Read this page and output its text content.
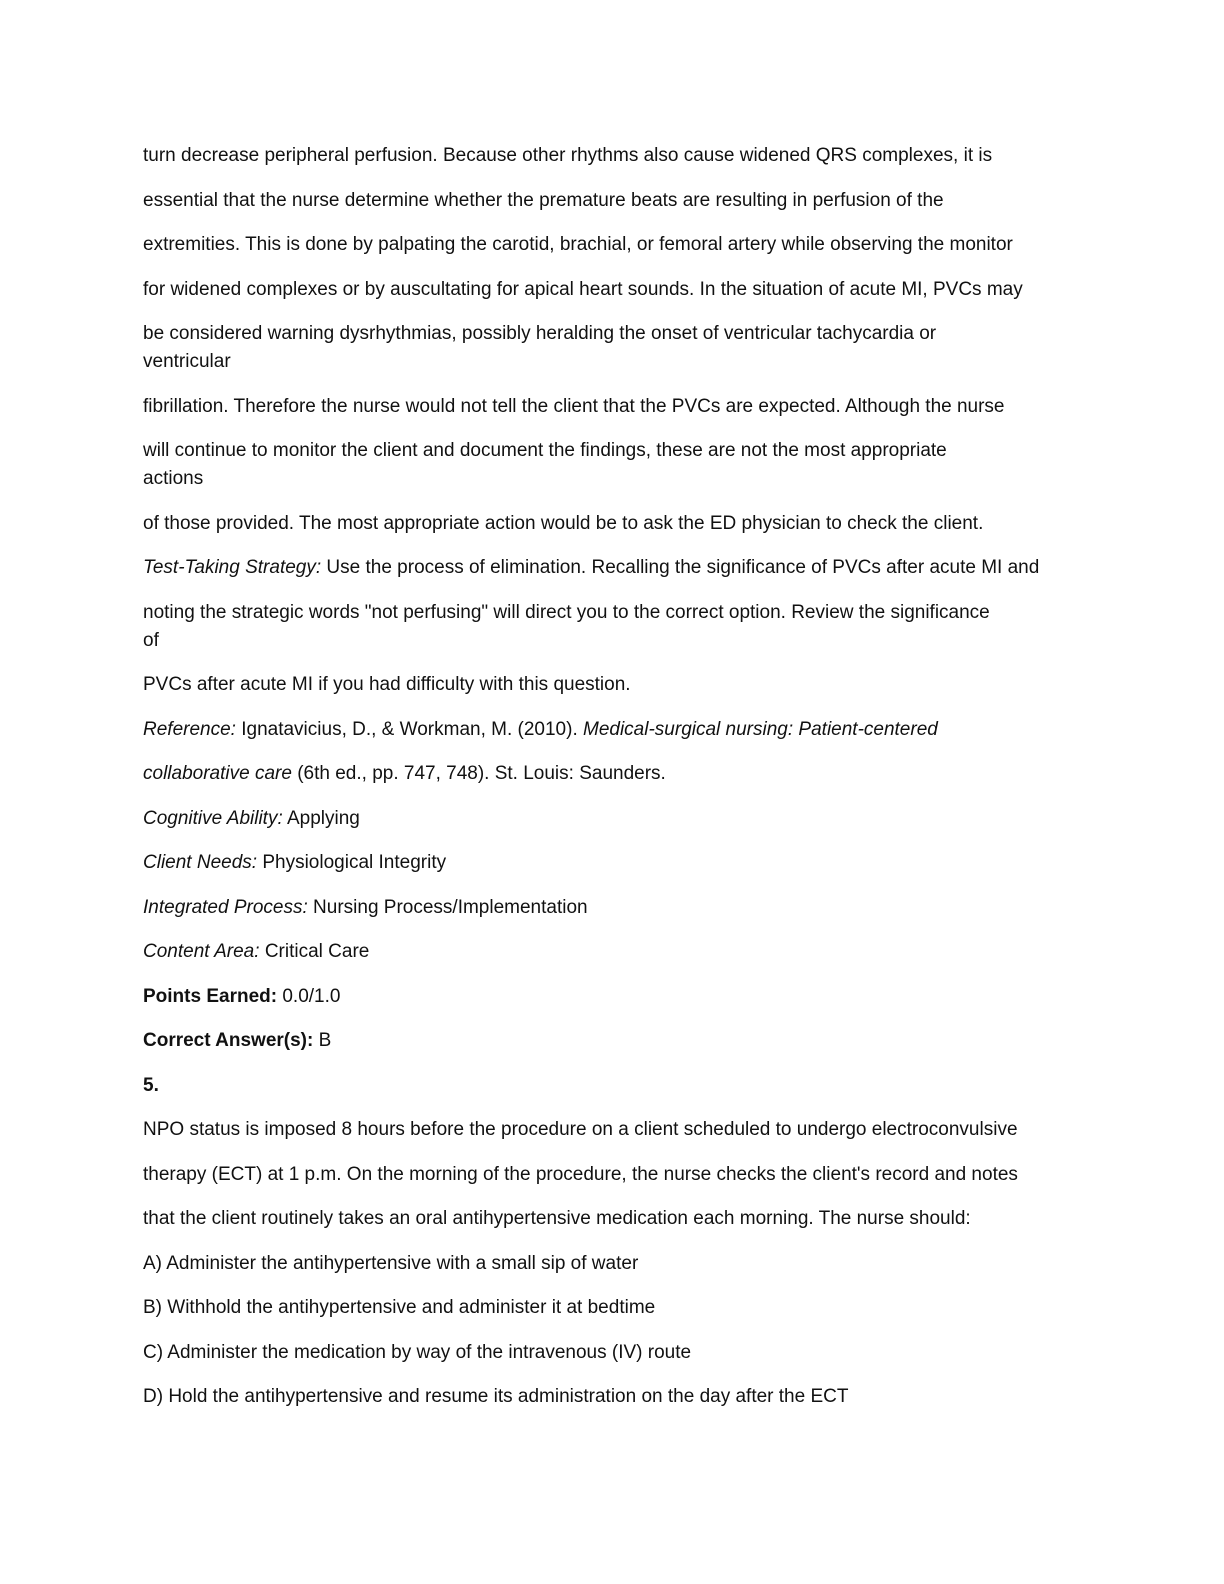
turn decrease peripheral perfusion. Because other rhythms also cause widened QRS complexes, it is
essential that the nurse determine whether the premature beats are resulting in perfusion of the
extremities. This is done by palpating the carotid, brachial, or femoral artery while observing the monitor
for widened complexes or by auscultating for apical heart sounds. In the situation of acute MI, PVCs may
be considered warning dysrhythmias, possibly heralding the onset of ventricular tachycardia or
ventricular
fibrillation. Therefore the nurse would not tell the client that the PVCs are expected. Although the nurse
will continue to monitor the client and document the findings, these are not the most appropriate
actions
of those provided. The most appropriate action would be to ask the ED physician to check the client.
Test-Taking Strategy: Use the process of elimination. Recalling the significance of PVCs after acute MI and
noting the strategic words "not perfusing" will direct you to the correct option. Review the significance
of
PVCs after acute MI if you had difficulty with this question.
Reference: Ignatavicius, D., & Workman, M. (2010). Medical-surgical nursing: Patient-centered
collaborative care (6th ed., pp. 747, 748). St. Louis: Saunders.
Cognitive Ability: Applying
Client Needs: Physiological Integrity
Integrated Process: Nursing Process/Implementation
Content Area: Critical Care
Points Earned: 0.0/1.0
Correct Answer(s): B
5.
NPO status is imposed 8 hours before the procedure on a client scheduled to undergo electroconvulsive
therapy (ECT) at 1 p.m. On the morning of the procedure, the nurse checks the client's record and notes
that the client routinely takes an oral antihypertensive medication each morning. The nurse should:
A) Administer the antihypertensive with a small sip of water
B) Withhold the antihypertensive and administer it at bedtime
C) Administer the medication by way of the intravenous (IV) route
D) Hold the antihypertensive and resume its administration on the day after the ECT
